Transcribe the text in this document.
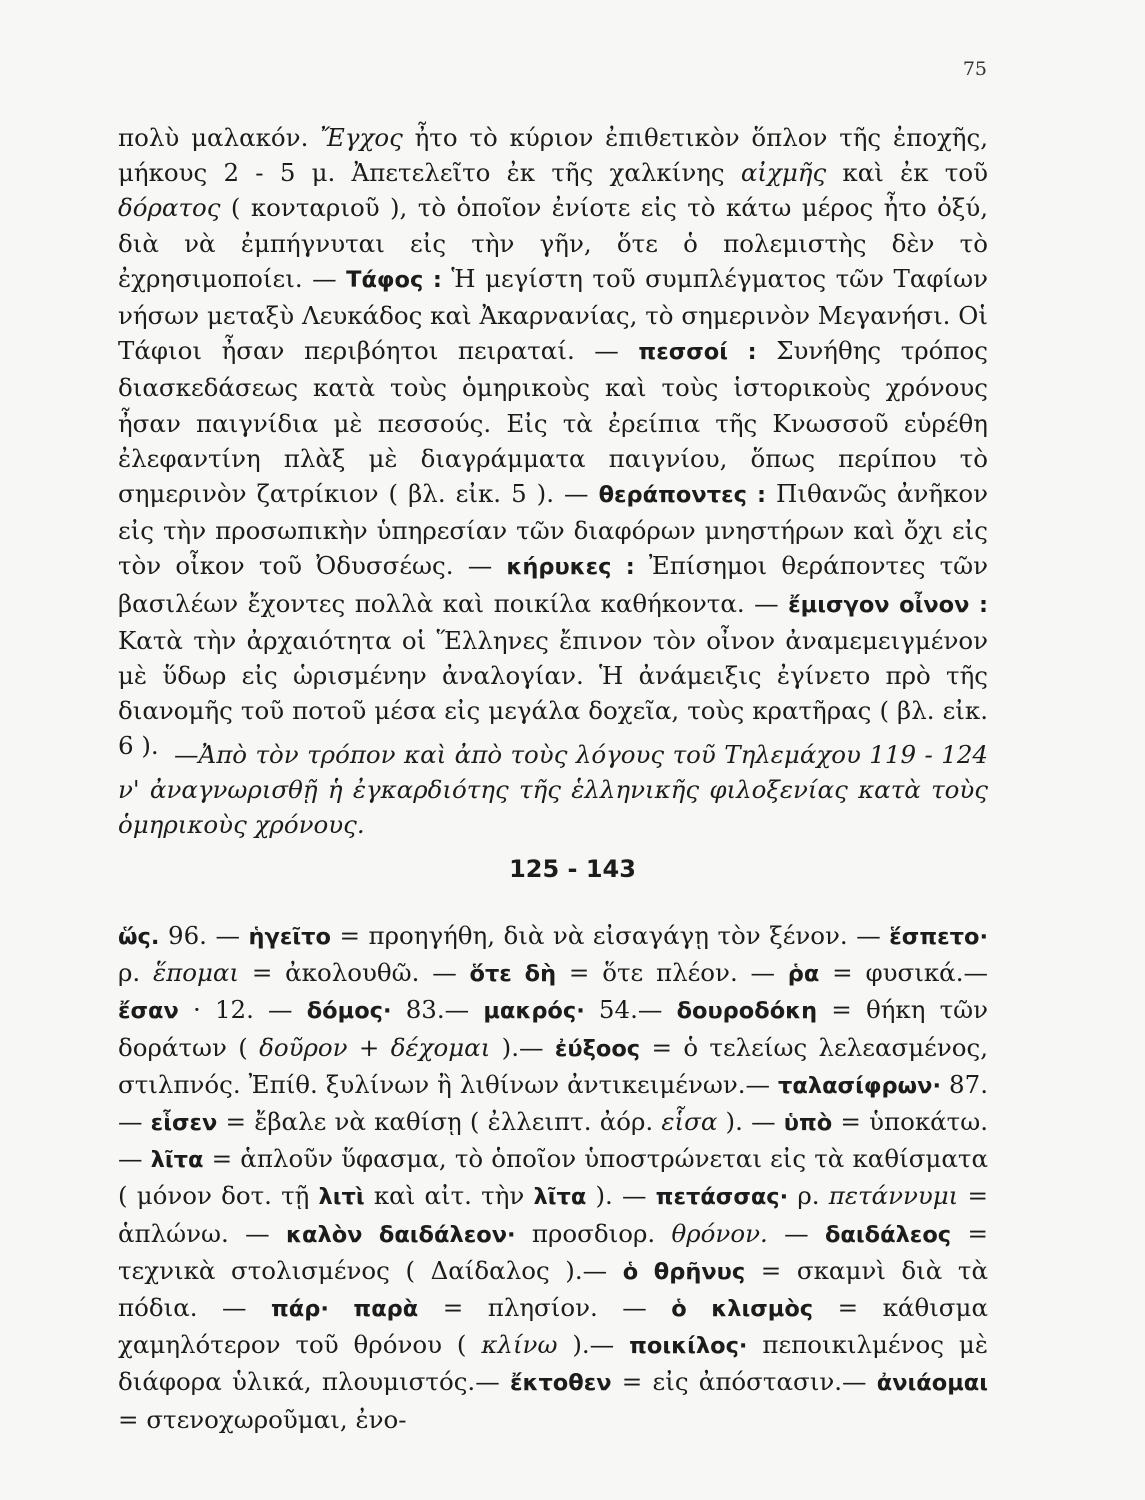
75

πολὺ μαλακόν. Ἔγχος ἦτο τὸ κύριον ἐπιθετικὸν ὅπλον τῆς ἐποχῆς, μήκους 2 - 5 μ. Ἀπετελεῖτο ἐκ τῆς χαλκίνης αἰχμῆς καὶ ἐκ τοῦ δόρατος ( κονταριοῦ ), τὸ ὁποῖον ἐνίοτε εἰς τὸ κάτω μέρος ἦτο ὀξύ, διὰ νὰ ἐμπήγνυται εἰς τὴν γῆν, ὅτε ὁ πολεμιστὴς δὲν τὸ ἐχρησιμοποίει. — Τάφος : Ἡ μεγίστη τοῦ συμπλέγματος τῶν Ταφίων νήσων μεταξὺ Λευκάδος καὶ Ἀκαρνανίας, τὸ σημερινὸν Μεγανήσι. Οἱ Τάφιοι ἦσαν περιβόητοι πειραταί. — πεσσοί : Συνήθης τρόπος διασκεδάσεως κατὰ τοὺς ὁμηρικοὺς καὶ τοὺς ἱστορικοὺς χρόνους ἦσαν παιγνίδια μὲ πεσσούς. Εἰς τὰ ἐρείπια τῆς Κνωσσοῦ εὑρέθη ἐλεφαντίνη πλὰξ μὲ διαγράμματα παιγνίου, ὅπως περίπου τὸ σημερινὸν ζατρίκιον ( βλ. εἰκ. 5 ). — θεράποντες : Πιθανῶς ἀνῆκον εἰς τὴν προσωπικὴν ὑπηρεσίαν τῶν διαφόρων μνηστήρων καὶ ὄχι εἰς τὸν οἶκον τοῦ Ὀδυσσέως. — κήρυκες : Ἐπίσημοι θεράποντες τῶν βασιλέων ἔχοντες πολλὰ καὶ ποικίλα καθήκοντα. — ἔμισγον οἶνον : Κατὰ τὴν ἀρχαιότητα οἱ Ἕλληνες ἔπινον τὸν οἶνον ἀναμεμειγμένον μὲ ὕδωρ εἰς ὡρισμένην ἀναλογίαν. Ἡ ἀνάμειξις ἐγίνετο πρὸ τῆς διανομῆς τοῦ ποτοῦ μέσα εἰς μεγάλα δοχεῖα, τοὺς κρατῆρας ( βλ. εἰκ. 6 ). —Ἀπὸ τὸν τρόπον καὶ ἀπὸ τοὺς λόγους τοῦ Τηλεμάχου 119 - 124 ν' ἀναγνωρισθῇ ἡ ἐγκαρδιότης τῆς ἑλληνικῆς φιλοξενίας κατὰ τοὺς ὁμηρικοὺς χρόνους.

125 - 143

ὥς. 96. — ἡγεῖτο = προηγήθη, διὰ νὰ εἰσαγάγῃ τὸν ξένον. — ἕσπετο· ρ. ἕπομαι = ἀκολουθῶ. — ὅτε δὴ = ὅτε πλέον. — ῥα = φυσικά.— ἔσαν · 12. — δόμος· 83.— μακρός· 54.— δουροδόκη = θήκη τῶν δοράτων ( δοῦρον + δέχομαι ).— ἐύξοος = ὁ τελείως λελεασμένος, στιλπνός. Ἐπίθ. ξυλίνων ἢ λιθίνων ἀντικειμένων.— ταλασίφρων· 87.— εἷσεν = ἔβαλε νὰ καθίσῃ ( ἐλλειπτ. ἀόρ. εἷσα ). — ὑπὸ = ὑποκάτω.— λῖτα = ἁπλοῦν ὕφασμα, τὸ ὁποῖον ὑποστρώνεται εἰς τὰ καθίσματα ( μόνον δοτ. τῇ λιτὶ καὶ αἰτ. τὴν λῖτα ). — πετάσσας· ρ. πετάννυμι = ἁπλώνω. — καλὸν δαιδάλεον· προσδιορ. θρόνον. — δαιδάλεος = τεχνικὰ στολισμένος ( Δαίδαλος ).— ὁ θρῆνυς = σκαμνὶ διὰ τὰ πόδια. — πάρ· παρὰ = πλησίον. — ὁ κλισμὸς = κάθισμα χαμηλότερον τοῦ θρόνου ( κλίνω ).— ποικίλος· πεποικιλμένος μὲ διάφορα ὑλικά, πλουμιστός.— ἔκτοθεν = εἰς ἀπόστασιν.— ἀνιάομαι = στενοχωροῦμαι, ἐνο-
